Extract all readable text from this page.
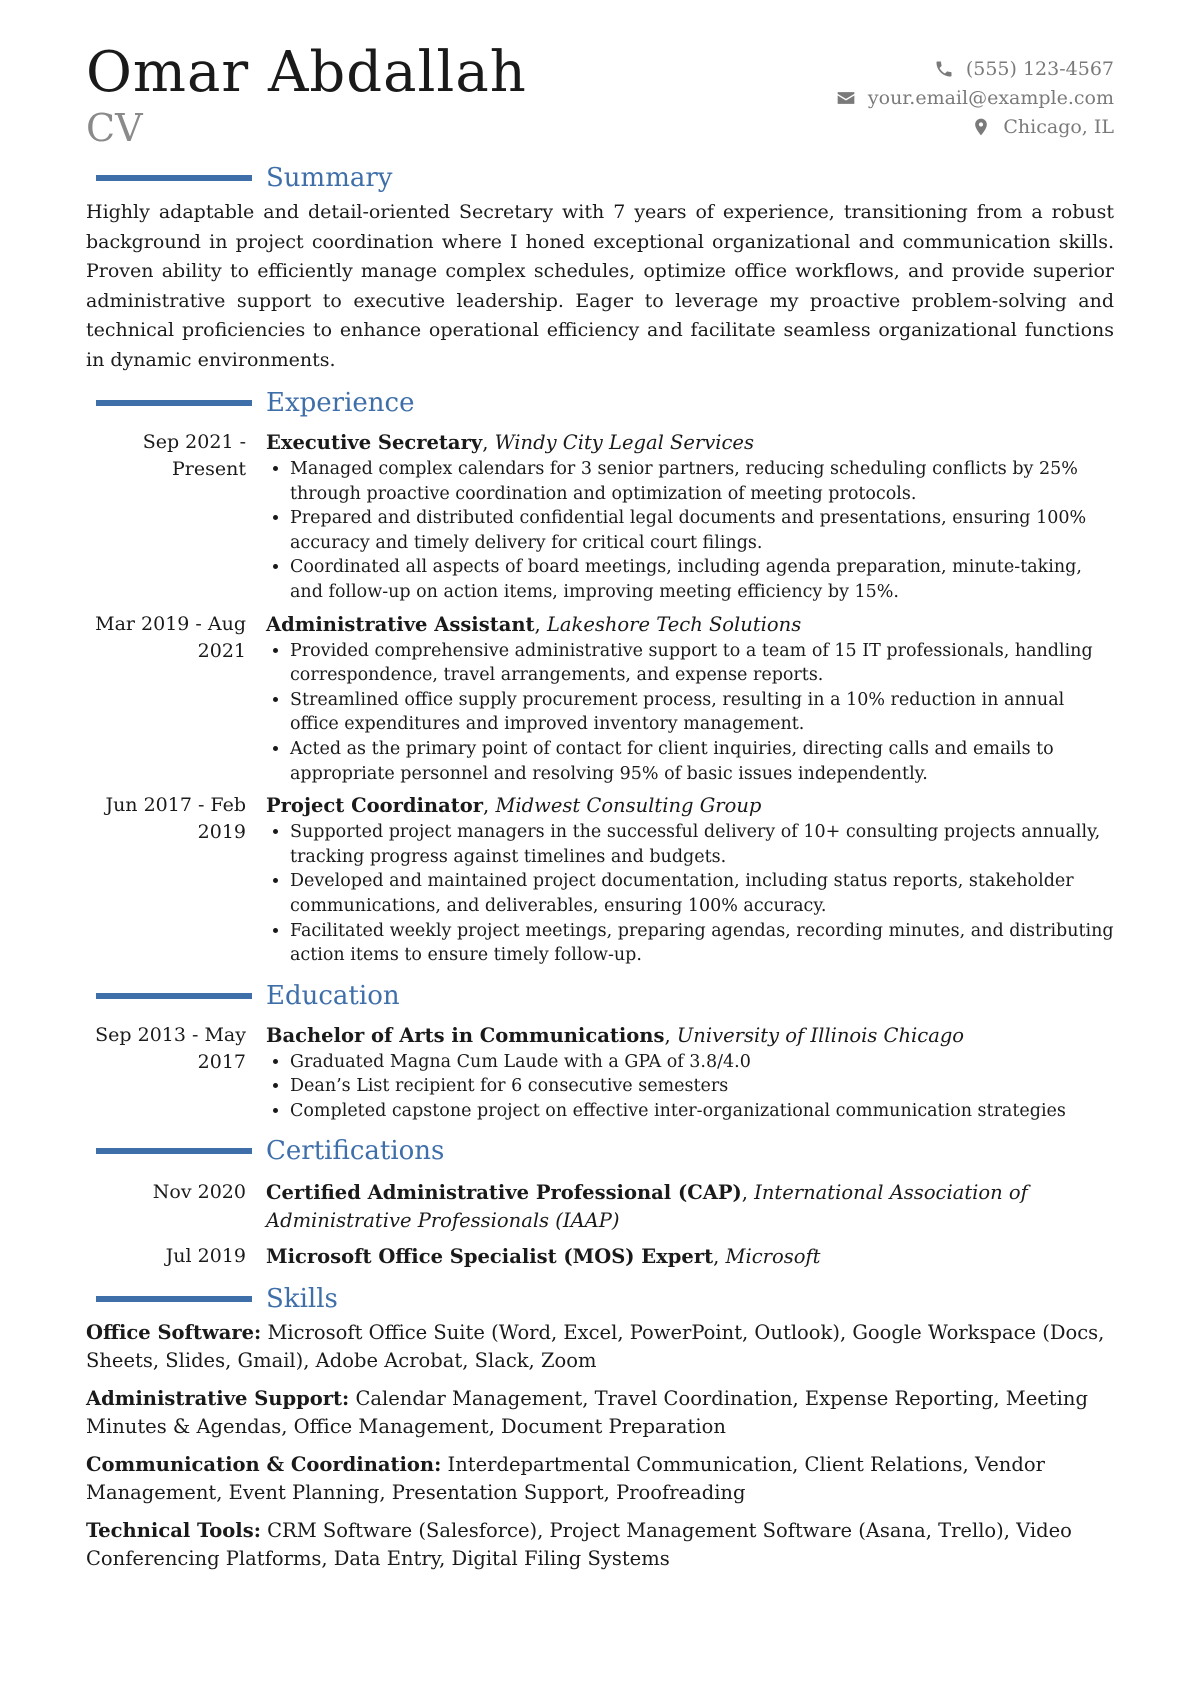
Omar Abdallah
CV
(555) 123-4567
your.email@example.com
Chicago, IL
Summary

Highly adaptable and detail-oriented Secretary with 7 years of experience, transitioning from a robust background in project coordination where I honed exceptional organizational and communication skills. Proven ability to efficiently manage complex schedules, optimize office workflows, and provide superior administrative support to executive leadership. Eager to leverage my proactive problem-solving and technical proficiencies to enhance operational efficiency and facilitate seamless organizational functions in dynamic environments.

Experience
Sep 2021 - Present
Executive Secretary, Windy City Legal Services
• Managed complex calendars for 3 senior partners, reducing scheduling conflicts by 25% through proactive coordination and optimization of meeting protocols.
• Prepared and distributed confidential legal documents and presentations, ensuring 100% accuracy and timely delivery for critical court filings.
• Coordinated all aspects of board meetings, including agenda preparation, minute-taking, and follow-up on action items, improving meeting efficiency by 15%.
Mar 2019 - Aug 2021
Administrative Assistant, Lakeshore Tech Solutions
• Provided comprehensive administrative support to a team of 15 IT professionals, handling correspondence, travel arrangements, and expense reports.
• Streamlined office supply procurement process, resulting in a 10% reduction in annual office expenditures and improved inventory management.
• Acted as the primary point of contact for client inquiries, directing calls and emails to appropriate personnel and resolving 95% of basic issues independently.
Jun 2017 - Feb 2019
Project Coordinator, Midwest Consulting Group
• Supported project managers in the successful delivery of 10+ consulting projects annually, tracking progress against timelines and budgets.
• Developed and maintained project documentation, including status reports, stakeholder communications, and deliverables, ensuring 100% accuracy.
• Facilitated weekly project meetings, preparing agendas, recording minutes, and distributing action items to ensure timely follow-up.
Education
Sep 2013 - May 2017
Bachelor of Arts in Communications, University of Illinois Chicago
• Graduated Magna Cum Laude with a GPA of 3.8/4.0
• Dean’s List recipient for 6 consecutive semesters
• Completed capstone project on effective inter-organizational communication strategies
Certifications
Nov 2020	Certified Administrative Professional (CAP), International Association of Administrative Professionals (IAAP)
Jul 2019	Microsoft Office Specialist (MOS) Expert, Microsoft
Skills

Office Software: Microsoft Office Suite (Word, Excel, PowerPoint, Outlook), Google Workspace (Docs, Sheets, Slides, Gmail), Adobe Acrobat, Slack, Zoom

Administrative Support: Calendar Management, Travel Coordination, Expense Reporting, Meeting Minutes & Agendas, Office Management, Document Preparation

Communication & Coordination: Interdepartmental Communication, Client Relations, Vendor Management, Event Planning, Presentation Support, Proofreading

Technical Tools: CRM Software (Salesforce), Project Management Software (Asana, Trello), Video Conferencing Platforms, Data Entry, Digital Filing Systems
